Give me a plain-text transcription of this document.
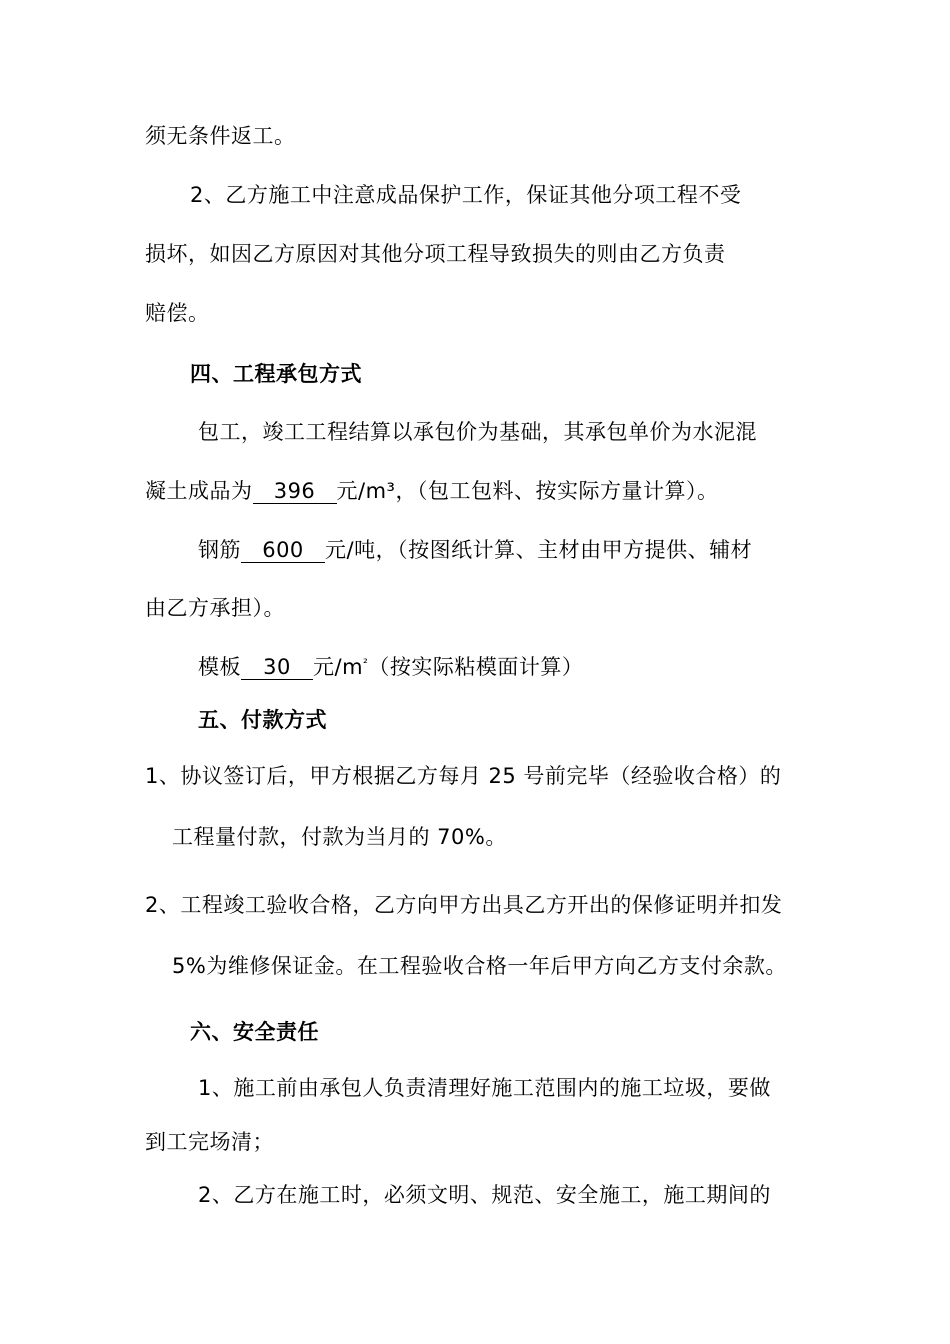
须无条件返工。
2、乙方施工中注意成品保护工作，保证其他分项工程不受
损坏，如因乙方原因对其他分项工程导致损失的则由乙方负责
赔偿。
四、工程承包方式
包工，竣工工程结算以承包价为基础，其承包单价为水泥混
凝土成品为 396 元/m³，（包工包料、按实际方量计算）。
钢筋 600 元/吨，（按图纸计算、主材由甲方提供、辅材
由乙方承担）。
模板 30 元$/m^{^2}$（按实际粘模面计算）
五、付款方式
1、协议签订后，甲方根据乙方每月 25 号前完毕（经验收合格）的
工程量付款，付款为当月的 70%。
2、工程竣工验收合格，乙方向甲方出具乙方开出的保修证明并扣发
5%为维修保证金。在工程验收合格一年后甲方向乙方支付余款。
六、安全责任
1、施工前由承包人负责清理好施工范围内的施工垃圾，要做
到工完场清；
2、乙方在施工时，必须文明、规范、安全施工，施工期间的
